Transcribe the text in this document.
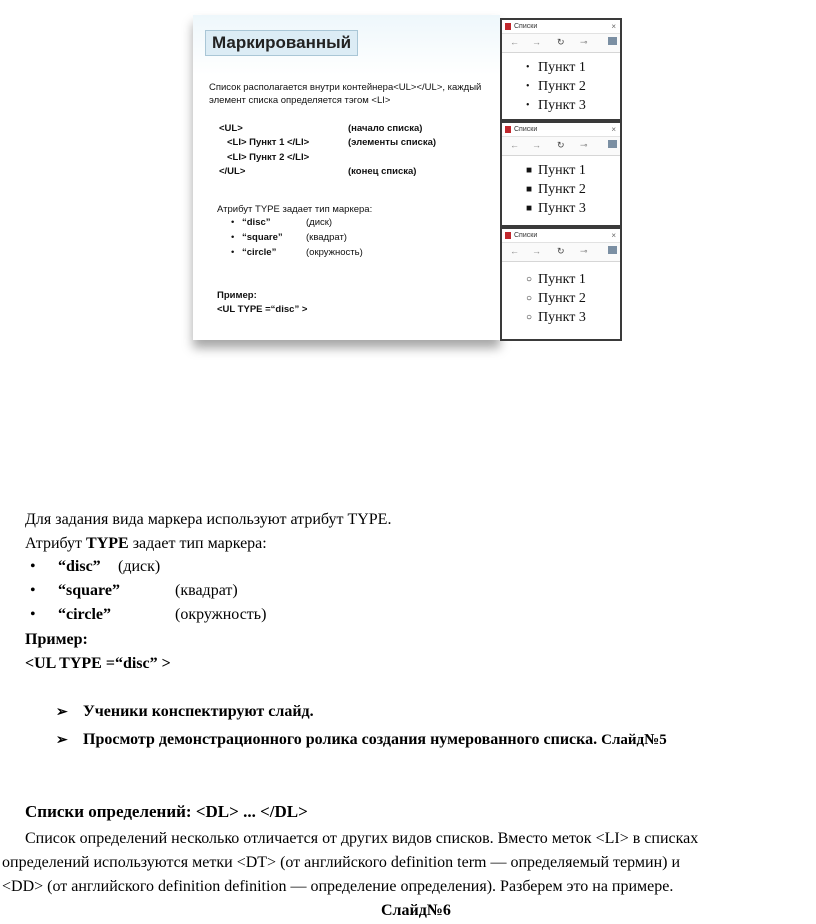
Маркированный
Список располагается внутри контейнера<UL></UL>, каждый элемент списка определяется тэгом <LI>
<UL>	(начало списка)
<LI> Пункт 1 </LI>	(элементы списка)
<LI> Пункт 2 </LI>
</UL>	(конец списка)
Атрибут TYPE задает тип маркера:
• “disc”	(диск)
• “square” (квадрат)
• “circle”	(окружность)
Пример:
<UL TYPE =“disc” >
Списки	×
← → ↻ ⊸
• Пункт 1
• Пункт 2
• Пункт 3
Списки	×
← → ↻ ⊸
■ Пункт 1
■ Пункт 2
■ Пункт 3
Списки	×
← → ↻ ⊸
○ Пункт 1
○ Пункт 2
○ Пункт 3
Для задания вида маркера используют атрибут TYPE.
Атрибут TYPE задает тип маркера:
• “disc” (диск)
• “square”	(квадрат)
• “circle”	(окружность)
Пример:
<UL TYPE =“disc” >
➢ Ученики конспектируют слайд.
➢ Просмотр демонстрационного ролика создания нумерованного списка. Слайд№5
Списки определений: <DL> ... </DL>
Список определений несколько отличается от других видов списков. Вместо меток <LI> в списках
определений используются метки <DT> (от английского definition term — определяемый термин) и
<DD> (от английского definition definition — определение определения). Разберем это на примере.
Слайд№6
